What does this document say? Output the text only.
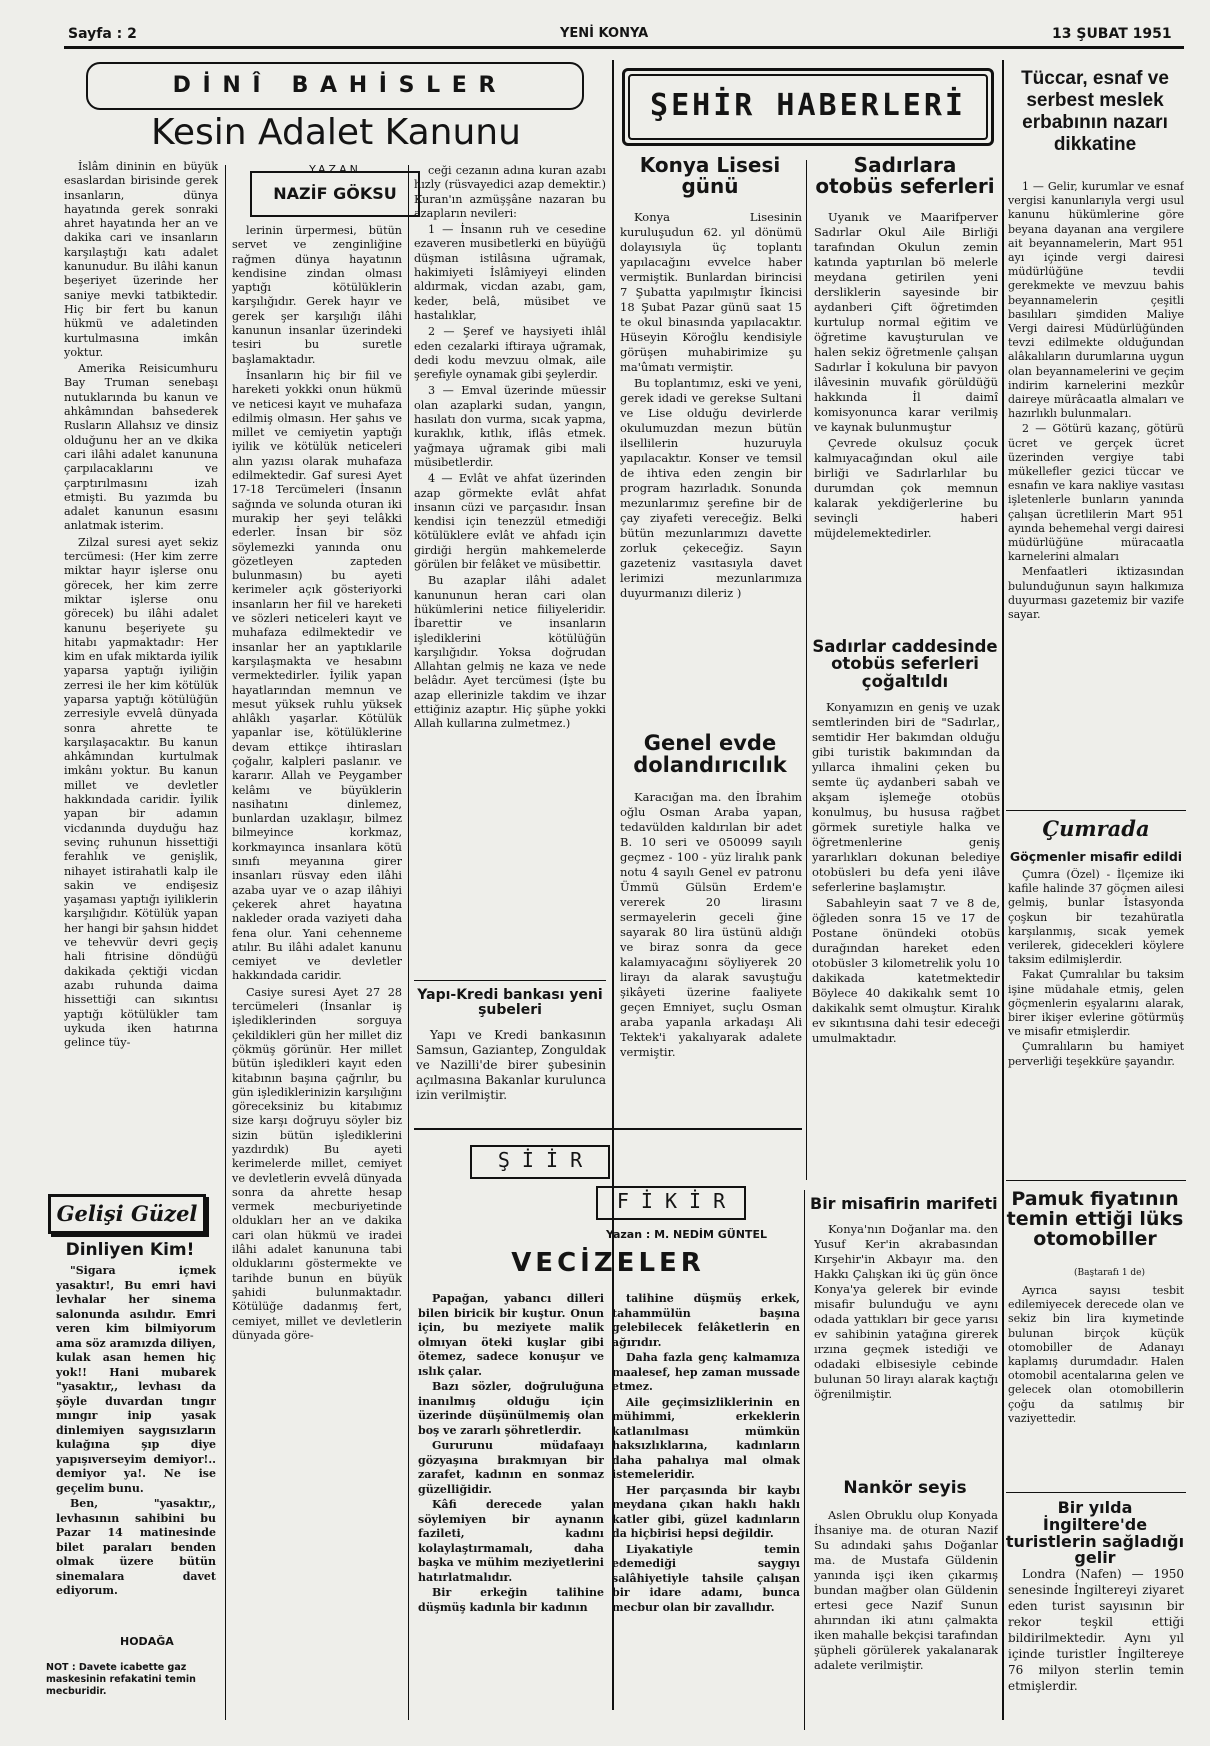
Sayfa : 2	YENİ KONYA	13 ŞUBAT 1951
D İ N Î   B A H İ S L E R
Kesin Adalet Kanunu

İslâm dininin en büyük esaslardan birisinde gerek insanların, dünya hayatında gerek sonraki ahret hayatında her an ve dakika cari ve insanların karşılaştığı katı adalet kanunudur. Bu ilâhi kanun beşeriyet üzerinde her saniye mevki tatbiktedir. Hiç bir fert bu kanun hükmü ve adaletinden kurtulmasına imkân yoktur.

Amerika Reisicumhuru Bay Truman senebaşı nutuklarında bu kanun ve ahkâmından bahsederek Rusların Allahsız ve dinsiz olduğunu her an ve dkika cari ilâhi adalet kanununa çarpılacaklarını ve çarptırılmasını izah etmişti. Bu yazımda bu adalet kanunun esasını anlatmak isterim.

Zilzal suresi ayet sekiz tercümesi: (Her kim zerre miktar hayır işlerse onu görecek, her kim zerre miktar işlerse onu görecek) bu ilâhi adalet kanunu beşeriyete şu hitabı yapmaktadır: Her kim en ufak miktarda iyilik yaparsa yaptığı iyiliğin zerresi ile her kim kötülük yaparsa yaptığı kötülüğün zerresiyle evvelâ dünyada sonra ahrette te karşılaşacaktır. Bu kanun ahkâmından kurtulmak imkânı yoktur. Bu kanun millet ve devletler hakkındada caridir. İyilik yapan bir adamın vicdanında duyduğu haz sevinç ruhunun hissettiği ferahlık ve genişlik, nihayet istirahatli kalp ile sakin ve endişesiz yaşaması yaptığı iyiliklerin karşılığıdır. Kötülük yapan her hangi bir şahsın hiddet ve tehevvür devri geçiş hali fıtrisine döndüğü dakikada çektiği vicdan azabı ruhunda daima hissettiği can sıkıntısı yaptığı kötülükler tam uykuda iken hatırına gelince tüy-

YAZAN
NAZİF GÖKSU

lerinin ürpermesi, bütün servet ve zenginliğine rağmen dünya hayatının kendisine zindan olması yaptığı kötülüklerin karşılığıdır. Gerek hayır ve gerek şer karşılığı ilâhi kanunun insanlar üzerindeki tesiri bu suretle başlamaktadır.

İnsanların hiç bir fiil ve hareketi yokkki onun hükmü ve neticesi kayıt ve muhafaza edilmiş olmasın. Her şahıs ve millet ve cemiyetin yaptığı iyilik ve kötülük neticeleri alın yazısı olarak muhafaza edilmektedir. Gaf suresi Ayet 17-18 Tercümeleri (İnsanın sağında ve solunda oturan iki murakip her şeyi telâkki ederler. İnsan bir söz söylemezki yanında onu gözetleyen zapteden bulunmasın) bu ayeti kerimeler açık gösteriyorki insanların her fiil ve hareketi ve sözleri neticeleri kayıt ve muhafaza edilmektedir ve insanlar her an yaptıklarile karşılaşmakta ve hesabını vermektedirler. İyilik yapan hayatlarından memnun ve mesut yüksek ruhlu yüksek ahlâklı yaşarlar. Kötülük yapanlar ise, kötülüklerine devam ettikçe ihtirasları çoğalır, kalpleri paslanır. ve kararır. Allah ve Peygamber kelâmı ve büyüklerin nasihatını dinlemez, bunlardan uzaklaşır, bilmez bilmeyince korkmaz, korkmayınca insanlara kötü sınıfı meyanına girer insanları rüsvay eden ilâhi azaba uyar ve o azap ilâhiyi çekerek ahret hayatına nakleder orada vaziyeti daha fena olur. Yani cehenneme atılır. Bu ilâhi adalet kanunu cemiyet ve devletler hakkındada caridir.

Casiye suresi Ayet 27 28 tercümeleri (İnsanlar iş işlediklerinden sorguya çekildikleri gün her millet diz çökmüş görünür. Her millet bütün işledikleri kayıt eden kitabının başına çağrılır, bu gün işlediklerinizin karşılığını göreceksiniz bu kitabımız size karşı doğruyu söyler biz sizin bütün işlediklerini yazdırdık) Bu ayeti kerimelerde millet, cemiyet ve devletlerin evvelâ dünyada sonra da ahrette hesap vermek mecburiyetinde oldukları her an ve dakika cari olan hükmü ve iradei ilâhi adalet kanununa tabi olduklarını göstermekte ve tarihde bunun en büyük şahidi bulunmaktadır. Kötülüğe dadanmış fert, cemiyet, millet ve devletlerin dünyada göre-

ceği cezanın adına kuran azabı hızly (rüsvayedici azap demektir.) Kuran'ın azmüşşâne nazaran bu azapların nevileri:

1 — İnsanın ruh ve cesedine ezaveren musibetlerki en büyüğü düşman istilâsına uğramak, hakimiyeti İslâmiyeyi elinden aldırmak, vicdan azabı, gam, keder, belâ, müsibet ve hastalıklar,

2 — Şeref ve haysiyeti ihlâl eden cezalarki iftiraya uğramak, dedi kodu mevzuu olmak, aile şerefiyle oynamak gibi şeylerdir.

3 — Emval üzerinde müessir olan azaplarki sudan, yangın, hasılatı don vurma, sıcak yapma, kuraklık, kıtlık, iflâs etmek. yağmaya uğramak gibi mali müsibetlerdir.

4 — Evlât ve ahfat üzerinden azap görmekte evlât ahfat insanın cüzi ve parçasıdır. İnsan kendisi için tenezzül etmediği kötülüklere evlât ve ahfadı için girdiği hergün mahkemelerde görülen bir felâket ve müsibettir.

Bu azaplar ilâhi adalet kanununun heran cari olan hükümlerini netice fiiliyeleridir. İbarettir ve insanların işlediklerini kötülüğün karşılığıdır. Yoksa doğrudan Allahtan gelmiş ne kaza ve nede belâdır. Ayet tercümesi (İşte bu azap ellerinizle takdim ve ihzar ettiğiniz azaptır. Hiç şüphe yokki Allah kullarına zulmetmez.)

Yapı-Kredi bankası yeni şubeleri

Yapı ve Kredi bankasının Samsun, Gaziantep, Zonguldak ve Nazilli'de birer şubesinin açılmasına Bakanlar kurulunca izin verilmiştir.

Gelişi Güzel
Dinliyen Kim!

"Sigara içmek yasaktır!, Bu emri havi levhalar her sinema salonunda asılıdır. Emri veren kim bilmiyorum ama söz aramızda diliyen, kulak asan hemen hiç yok!! Hani mubarek "yasaktır,, levhası da şöyle duvardan tıngır mıngır inip yasak dinlemiyen saygısızların kulağına şıp diye yapışıverseyim demiyor!.. demiyor ya!. Ne ise geçelim bunu.

Ben, "yasaktır,, levhasının sahibini bu Pazar 14 matinesinde bilet paraları benden olmak üzere bütün sinemalara davet ediyorum.

HODAĞA
NOT : Davete icabette gaz maskesinin refakatini temin mecburidir.
ŞEHİR HABERLERİ
Konya Lisesi günü

Konya Lisesinin kuruluşudun 62. yıl dönümü dolayısıyla üç toplantı yapılacağını evvelce haber vermiştik. Bunlardan birincisi 7 Şubatta yapılmıştır İkincisi 18 Şubat Pazar günü saat 15 te okul binasında yapılacaktır. Hüseyin Köroğlu kendisiyle görüşen muhabirimize şu ma'ûmatı vermiştir.

Bu toplantımız, eski ve yeni, gerek idadi ve gerekse Sultani ve Lise olduğu devirlerde okulumuzdan mezun bütün ilsellilerin huzuruyla yapılacaktır. Konser ve temsil de ihtiva eden zengin bir program hazırladık. Sonunda mezunlarımız şerefine bir de çay ziyafeti vereceğiz. Belki bütün mezunlarımızı davette zorluk çekeceğiz. Sayın gazeteniz vasıtasıyla davet lerimizi mezunlarımıza duyurmanızı dileriz )

Sadırlara otobüs seferleri

Uyanık ve Maarifperver Sadırlar Okul Aile Birliği tarafından Okulun zemin katında yaptırılan bö melerle meydana getirilen yeni dersliklerin sayesinde bir aydanberi Çift öğretimden kurtulup normal eğitim ve öğretime kavuşturulan ve halen sekiz öğretmenle çalışan Sadırlar İ kokuluna bir pavyon ilâvesinin muvafık görüldüğü hakkında İl daimî komisyonunca karar verilmiş ve kaynak bulunmuştur

Çevrede okulsuz çocuk kalmıyacağından okul aile birliği ve Sadırlarlılar bu durumdan çok memnun kalarak yekdiğerlerine bu sevinçli haberi müjdelemektedirler.

Sadırlar caddesinde otobüs seferleri çoğaltıldı

Konyamızın en geniş ve uzak semtlerinden biri de "Sadırlar,, semtidir Her bakımdan olduğu gibi turistik bakımından da yıllarca ihmalini çeken bu semte üç aydanberi sabah ve akşam işlemeğe otobüs konulmuş, bu hususa rağbet görmek suretiyle halka ve öğretmenlerine geniş yararlıkları dokunan belediye otobüsleri bu defa yeni ilâve seferlerine başlamıştır.

Sabahleyin saat 7 ve 8 de, öğleden sonra 15 ve 17 de Postane önündeki otobüs durağından hareket eden otobüsler 3 kilometrelik yolu 10 dakikada katetmektedir Böylece 40 dakikalık semt 10 dakikalık semt olmuştur. Kiralık ev sıkıntısına dahi tesir edeceği umulmaktadır.

Genel evde dolandırıcılık

Karacığan ma. den İbrahim oğlu Osman Araba yapan, tedavülden kaldırılan bir adet B. 10 seri ve 050099 sayılı geçmez - 100 - yüz liralık pank notu 4 sayılı Genel ev patronu Ümmü Gülsün Erdem'e vererek 20 lirasını sermayelerin geceli ğine sayarak 80 lira üstünü aldığı ve biraz sonra da gece kalamıyacağını söyliyerek 20 lirayı da alarak savuştuğu şikâyeti üzerine faaliyete geçen Emniyet, suçlu Osman araba yapanla arkadaşı Ali Tektek'i yakalıyarak adalete vermiştir.

Ş İ İ R
F İ K İ R
Yazan : M. NEDİM GÜNTEL
VECİZELER

Papağan, yabancı dilleri bilen biricik bir kuştur. Onun için, bu meziyete malik olmıyan öteki kuşlar gibi ötemez, sadece konuşur ve ıslık çalar.

Bazı sözler, doğruluğuna inanılmış olduğu için üzerinde düşünülmemiş olan boş ve zararlı şöhretlerdir.

Gururunu müdafaayı gözyaşına bırakmıyan bir zarafet, kadının en sonmaz güzelliğidir.

Kâfi derecede yalan söylemiyen bir aynanın fazileti, kadını kolaylaştırmamalı, daha başka ve mühim meziyetlerini hatırlatmalıdır.

Bir erkeğin talihine düşmüş kadınla bir kadının

talihine düşmüş erkek, tahammülün başına gelebilecek felâketlerin en ağırıdır.

Daha fazla genç kalmamıza maalesef, hep zaman mussade etmez.

Aile geçimsizliklerinin en mühimmi, erkeklerin katlanılması mümkün haksızlıklarına, kadınların daha pahalıya mal olmak istemeleridir.

Her parçasında bir kaybı meydana çıkan haklı haklı katler gibi, güzel kadınların da hiçbirisi hepsi değildir.

Liyakatiyle temin edemediği saygıyı salâhiyetiyle tahsile çalışan bir idare adamı, bunca mecbur olan bir zavallıdır.

Bir misafirin marifeti

Konya'nın Doğanlar ma. den Yusuf Ker'in akrabasından Kırşehir'in Akbayır ma. den Hakkı Çalışkan iki üç gün önce Konya'ya gelerek bir evinde misafir bulunduğu ve aynı odada yattıkları bir gece yarısı ev sahibinin yatağına girerek ırzına geçmek istediği ve odadaki elbisesiyle cebinde bulunan 50 lirayı alarak kaçtığı öğrenilmiştir.

Nankör seyis

Aslen Obruklu olup Konyada İhsaniye ma. de oturan Nazif Su adındaki şahıs Doğanlar ma. de Mustafa Güldenin yanında işçi iken çıkarmış bundan mağber olan Güldenin ertesi gece Nazif Sunun ahırından iki atını çalmakta iken mahalle bekçisi tarafından şüpheli görülerek yakalanarak adalete verilmiştir.

Tüccar, esnaf ve serbest meslek erbabının nazarı dikkatine

1 — Gelir, kurumlar ve esnaf vergisi kanunlarıyla vergi usul kanunu hükümlerine göre beyana dayanan ana vergilere ait beyannamelerin, Mart 951 ayı içinde vergi dairesi müdürlüğüne tevdii gerekmekte ve mevzuu bahis beyannamelerin çeşitli basılıları şimdiden Maliye Vergi dairesi Müdürlüğünden tevzi edilmekte olduğundan alâkalıların durumlarına uygun olan beyannamelerini ve geçim indirim karnelerini mezkûr daireye mürâcaatla almaları ve hazırlıklı bulunmaları.

2 — Götürü kazanç, götürü ücret ve gerçek ücret üzerinden vergiye tabi mükellefler gezici tüccar ve esnafın ve kara nakliye vasıtası işletenlerle bunların yanında çalışan ücretlilerin Mart 951 ayında behemehal vergi dairesi müdürlüğüne müracaatla karnelerini almaları

Menfaatleri iktizasından bulunduğunun sayın halkımıza duyurması gazetemiz bir vazife sayar.

Çumrada
Göçmenler misafir edildi

Çumra (Özel) - İlçemize iki kafile halinde 37 göçmen ailesi gelmiş, bunlar İstasyonda çoşkun bir tezahüratla karşılanmış, sıcak yemek verilerek, gidecekleri köylere taksim edilmişlerdir.

Fakat Çumralılar bu taksim işine müdahale etmiş, gelen göçmenlerin eşyalarını alarak, birer ikişer evlerine götürmüş ve misafir etmişlerdir.

Çumralıların bu hamiyet perverliği teşekküre şayandır.

Pamuk fiyatının temin ettiği lüks otomobiller
(Baştarafı 1 de)

Ayrıca sayısı tesbit edilemiyecek derecede olan ve sekiz bin lira kıymetinde bulunan birçok küçük otomobiller de Adanayı kaplamış durumdadır. Halen otomobil acentalarına gelen ve gelecek olan otomobillerin çoğu da satılmış bir vaziyettedir.

Bir yılda İngiltere'de turistlerin sağladığı gelir

Londra (Nafen) — 1950 senesinde İngiltereyi ziyaret eden turist sayısının bir rekor teşkil ettiği bildirilmektedir. Aynı yıl içinde turistler İngiltereye 76 milyon sterlin temin etmişlerdir.
